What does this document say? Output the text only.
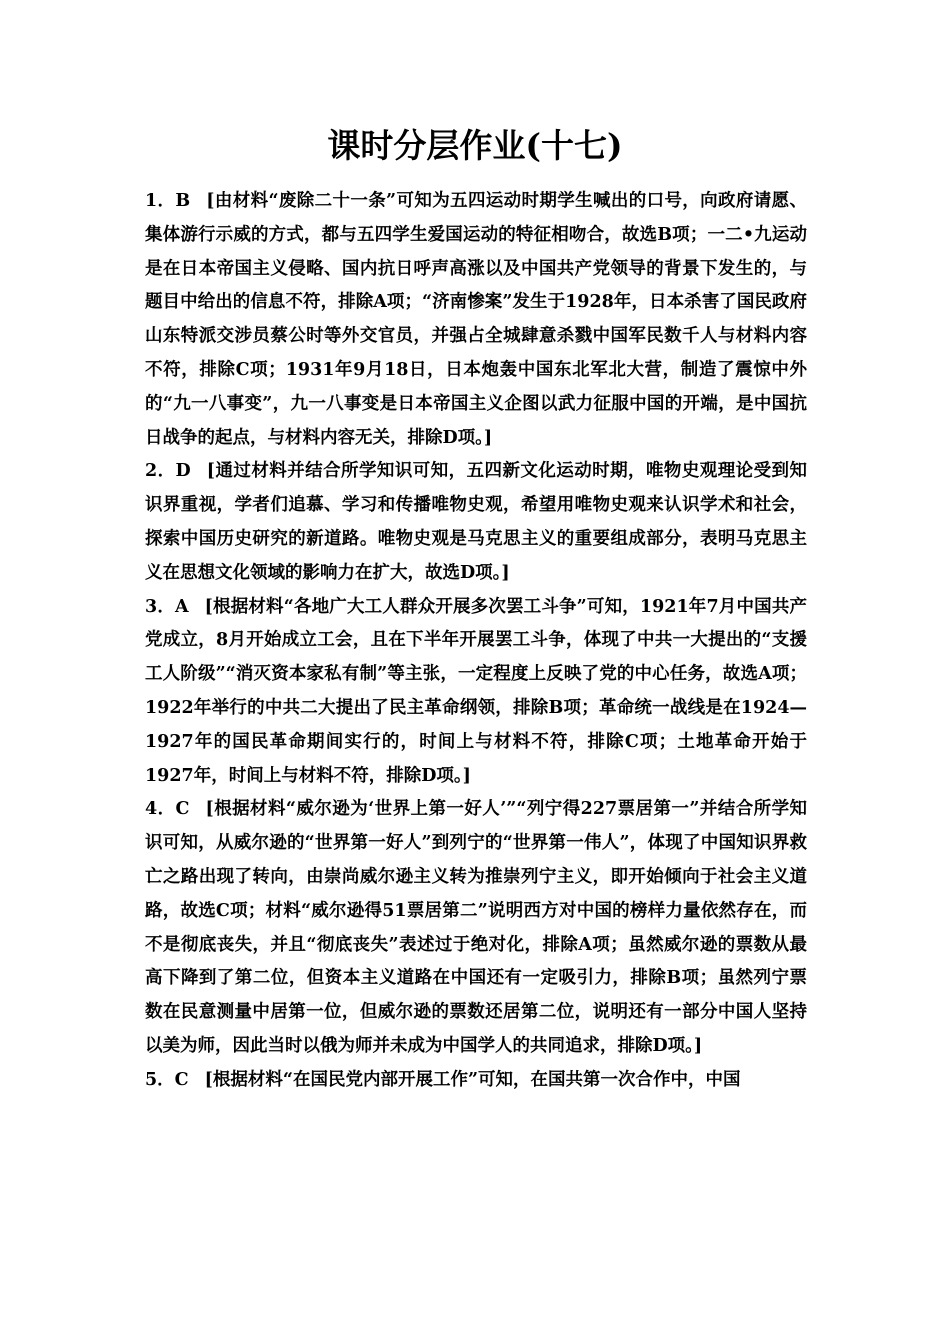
课时分层作业(十七)

1．B [由材料“废除二十一条”可知为五四运动时期学生喊出的口号，向政府请愿、集体游行示威的方式，都与五四学生爱国运动的特征相吻合，故选B项；一二•九运动是在日本帝国主义侵略、国内抗日呼声高涨以及中国共产党领导的背景下发生的，与题目中给出的信息不符，排除A项；“济南惨案”发生于1928年，日本杀害了国民政府山东特派交涉员蔡公时等外交官员，并强占全城肆意杀戮中国军民数千人与材料内容不符，排除C项；1931年9月18日，日本炮轰中国东北军北大营，制造了震惊中外的“九一八事变”，九一八事变是日本帝国主义企图以武力征服中国的开端，是中国抗日战争的起点，与材料内容无关，排除D项。]

2．D [通过材料并结合所学知识可知，五四新文化运动时期，唯物史观理论受到知识界重视，学者们追慕、学习和传播唯物史观，希望用唯物史观来认识学术和社会，探索中国历史研究的新道路。唯物史观是马克思主义的重要组成部分，表明马克思主义在思想文化领域的影响力在扩大，故选D项。]

3．A [根据材料“各地广大工人群众开展多次罢工斗争”可知，1921年7月中国共产党成立，8月开始成立工会，且在下半年开展罢工斗争，体现了中共一大提出的“支援工人阶级”“消灭资本家私有制”等主张，一定程度上反映了党的中心任务，故选A项；1922年举行的中共二大提出了民主革命纲领，排除B项；革命统一战线是在1924—1927年的国民革命期间实行的，时间上与材料不符，排除C项；土地革命开始于1927年，时间上与材料不符，排除D项。]

4．C [根据材料“威尔逊为‘世界上第一好人’”“列宁得227票居第一”并结合所学知识可知，从威尔逊的“世界第一好人”到列宁的“世界第一伟人”，体现了中国知识界救亡之路出现了转向，由崇尚威尔逊主义转为推崇列宁主义，即开始倾向于社会主义道路，故选C项；材料“威尔逊得51票居第二”说明西方对中国的榜样力量依然存在，而不是彻底丧失，并且“彻底丧失”表述过于绝对化，排除A项；虽然威尔逊的票数从最高下降到了第二位，但资本主义道路在中国还有一定吸引力，排除B项；虽然列宁票数在民意测量中居第一位，但威尔逊的票数还居第二位，说明还有一部分中国人坚持以美为师，因此当时以俄为师并未成为中国学人的共同追求，排除D项。]

5．C [根据材料“在国民党内部开展工作”可知，在国共第一次合作中，中国
